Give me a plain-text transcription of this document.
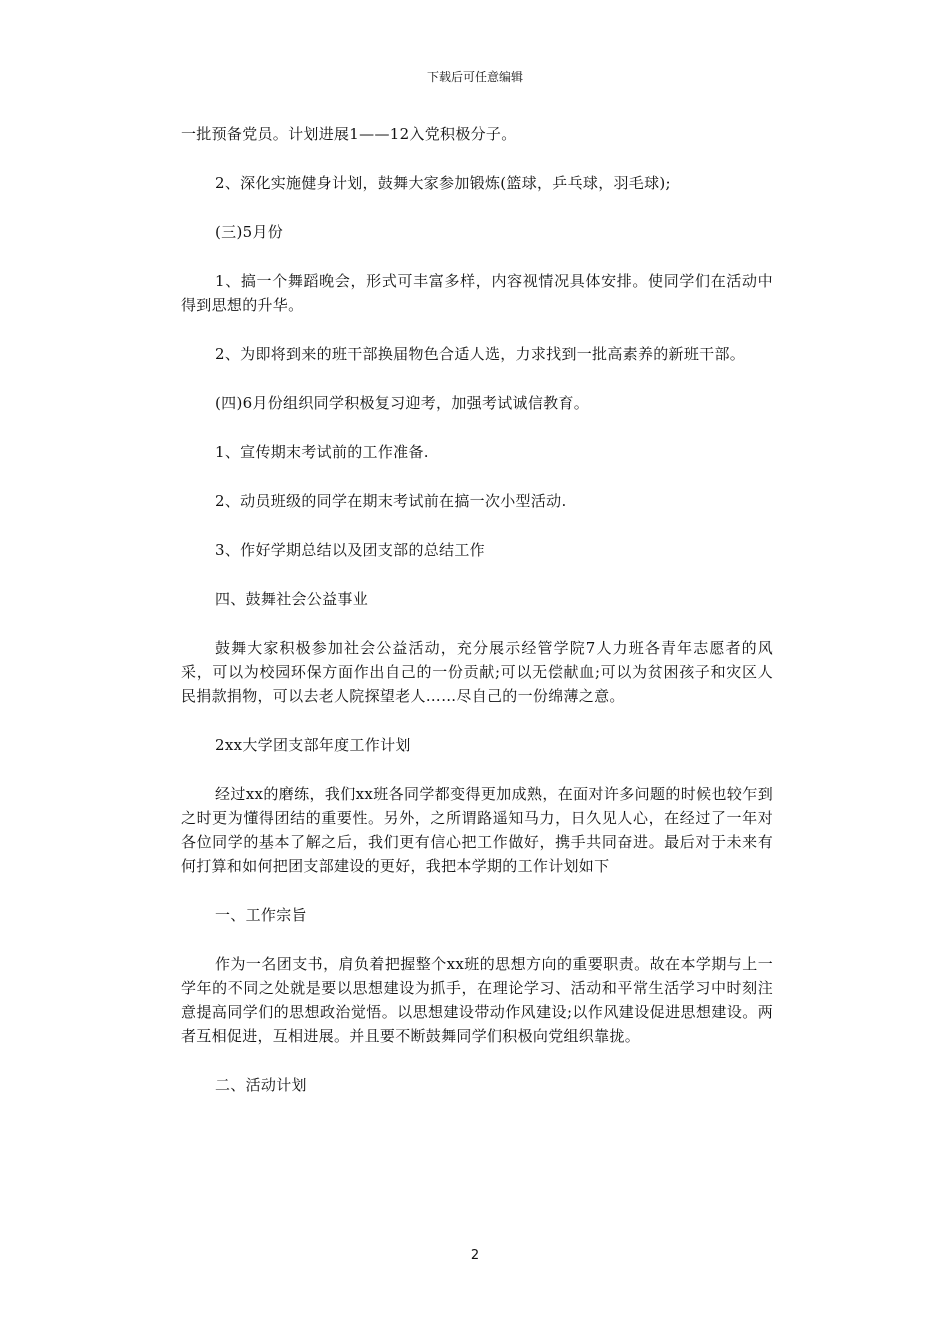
下载后可任意编辑

一批预备党员。计划进展1——12入党积极分子。

2、深化实施健身计划，鼓舞大家参加锻炼(篮球，乒乓球，羽毛球);

(三)5月份

1、搞一个舞蹈晚会，形式可丰富多样，内容视情况具体安排。使同学们在活动中得到思想的升华。

2、为即将到来的班干部换届物色合适人选，力求找到一批高素养的新班干部。

(四)6月份组织同学积极复习迎考，加强考试诚信教育。

1、宣传期末考试前的工作准备.

2、动员班级的同学在期末考试前在搞一次小型活动.

3、作好学期总结以及团支部的总结工作

四、鼓舞社会公益事业

鼓舞大家积极参加社会公益活动，充分展示经管学院7人力班各青年志愿者的风采，可以为校园环保方面作出自己的一份贡献;可以无偿献血;可以为贫困孩子和灾区人民捐款捐物，可以去老人院探望老人……尽自己的一份绵薄之意。

2xx大学团支部年度工作计划

经过xx的磨练，我们xx班各同学都变得更加成熟，在面对许多问题的时候也较乍到之时更为懂得团结的重要性。另外，之所谓路遥知马力，日久见人心，在经过了一年对各位同学的基本了解之后，我们更有信心把工作做好，携手共同奋进。最后对于未来有何打算和如何把团支部建设的更好，我把本学期的工作计划如下

一、工作宗旨

作为一名团支书，肩负着把握整个xx班的思想方向的重要职责。故在本学期与上一学年的不同之处就是要以思想建设为抓手，在理论学习、活动和平常生活学习中时刻注意提高同学们的思想政治觉悟。以思想建设带动作风建设;以作风建设促进思想建设。两者互相促进，互相进展。并且要不断鼓舞同学们积极向党组织靠拢。

二、活动计划

2
